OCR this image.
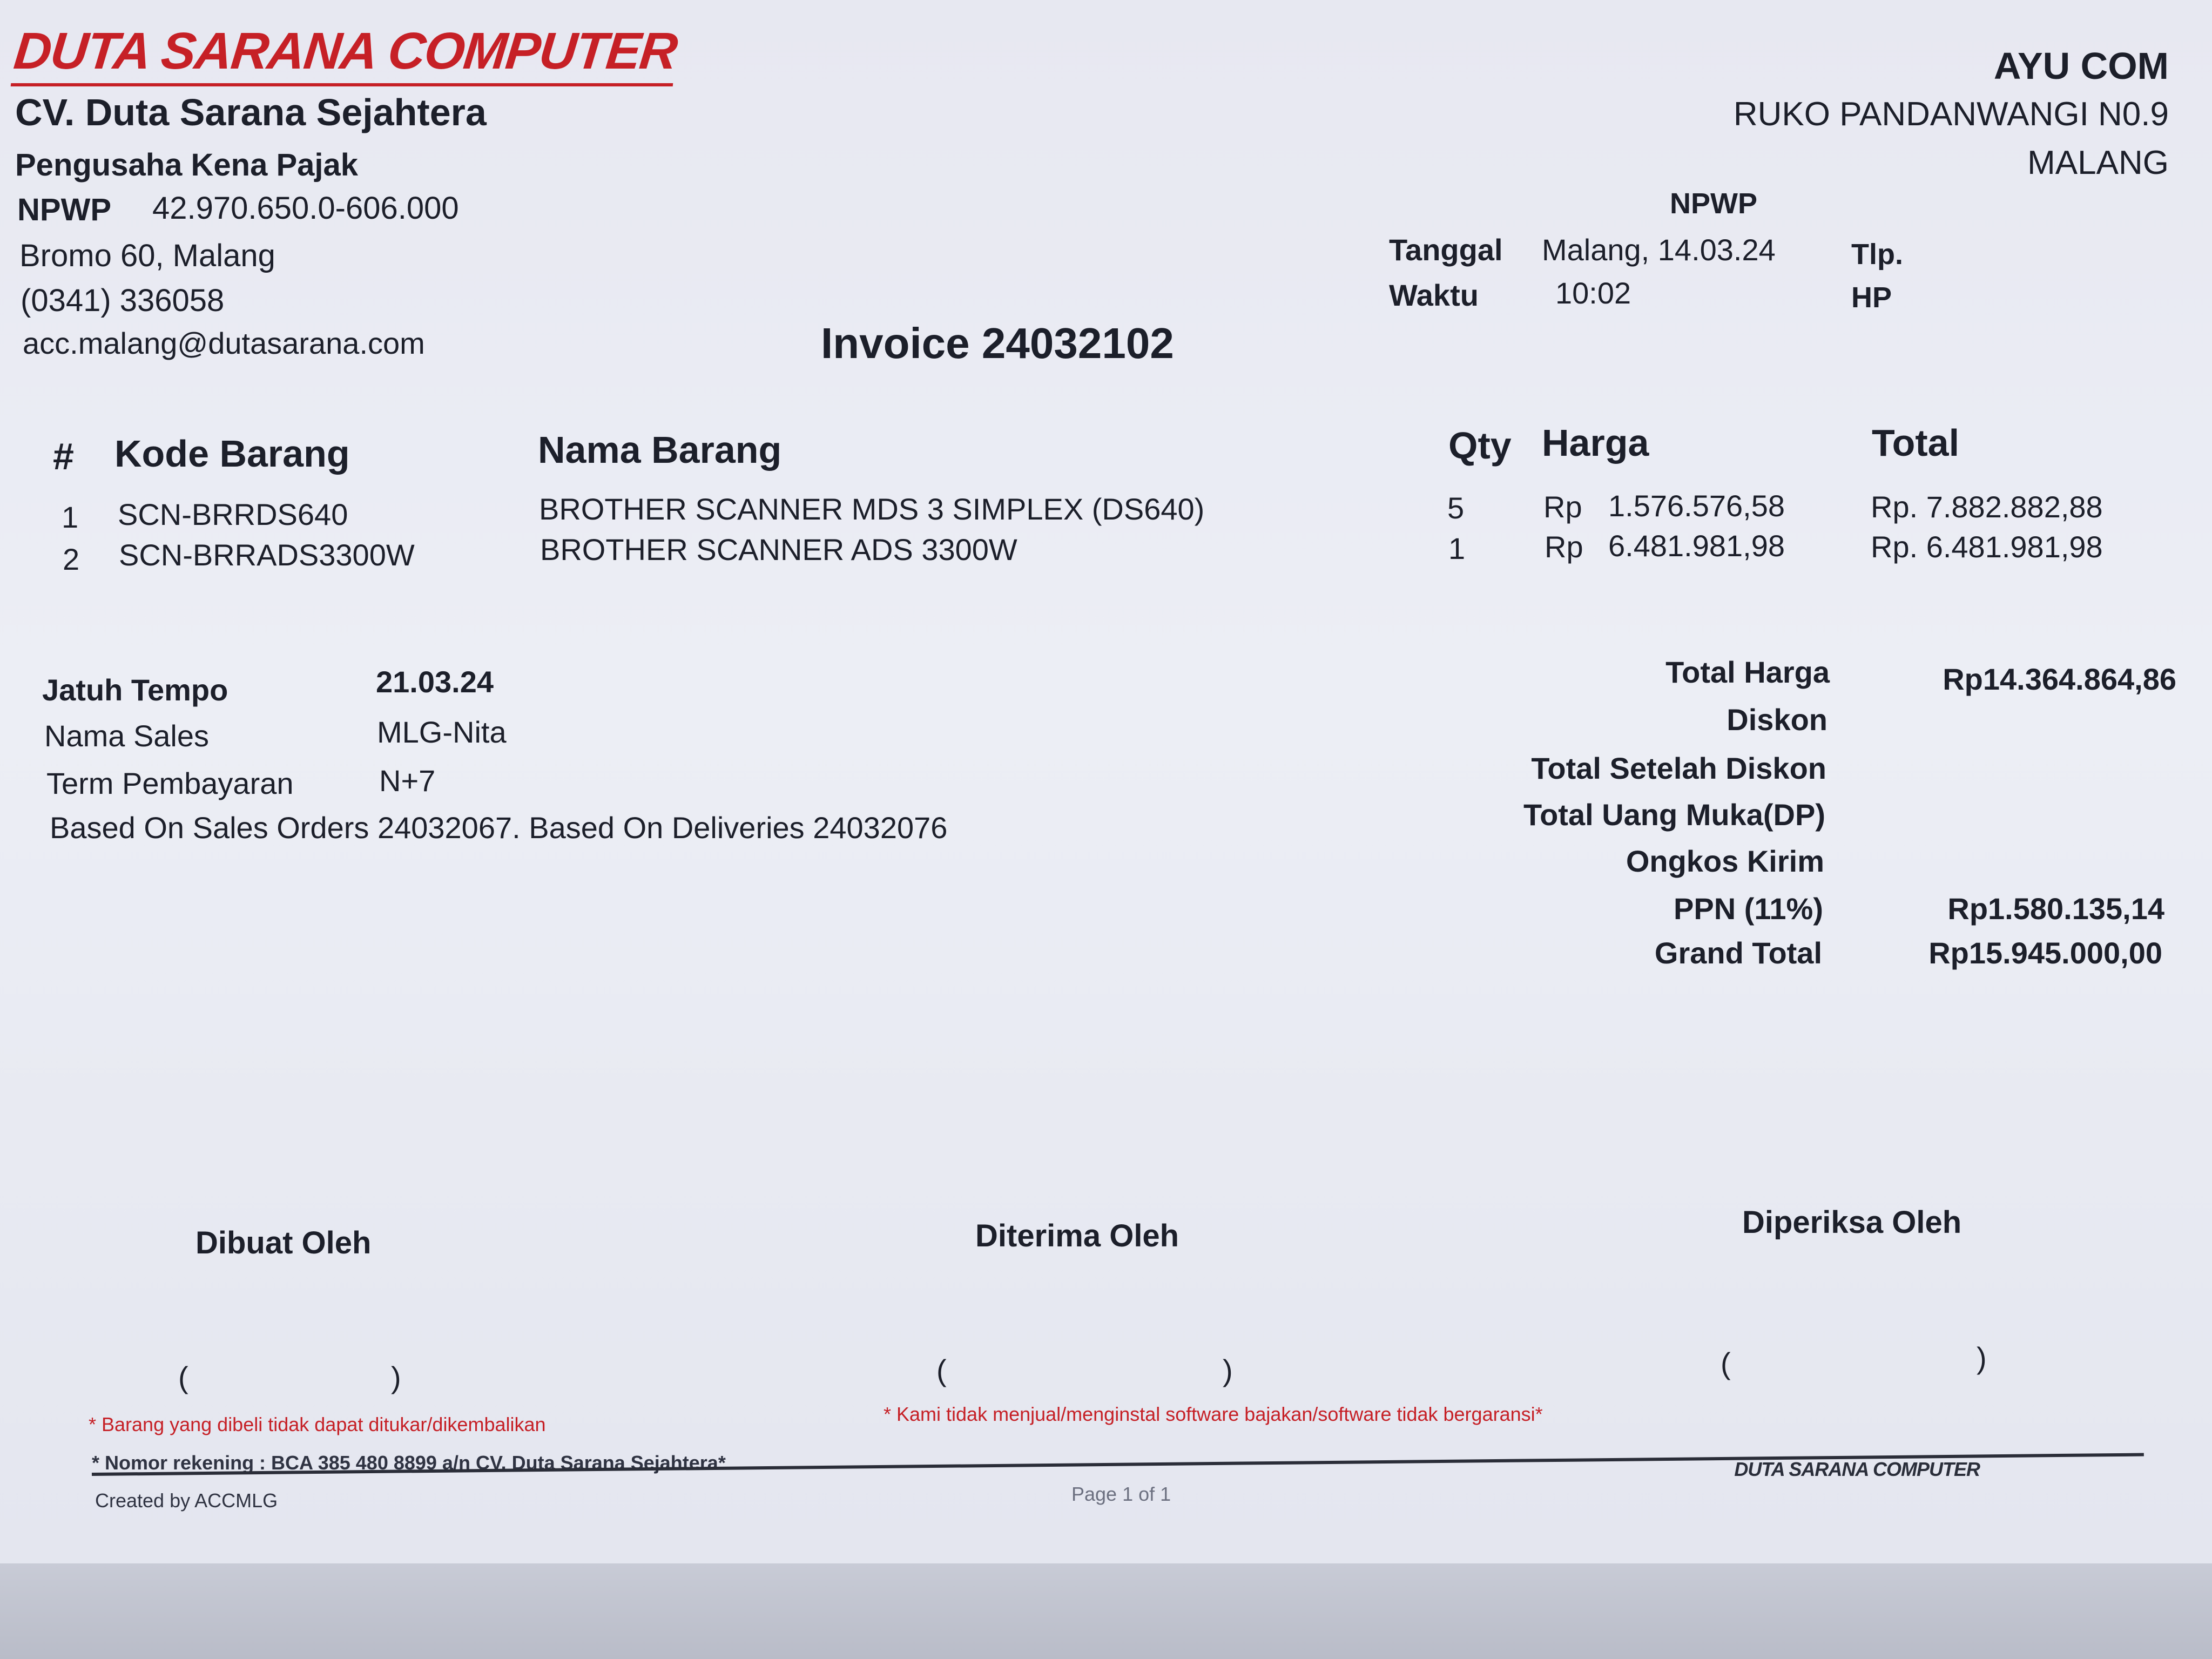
DUTA SARANA COMPUTER
CV. Duta Sarana Sejahtera
Pengusaha Kena Pajak
NPWP 42.970.650.0-606.000
Bromo 60, Malang
(0341) 336058
acc.malang@dutasarana.com
AYU COM
RUKO PANDANWANGI N0.9
MALANG
NPWP
Tanggal Malang, 14.03.24
Waktu	10:02
Tlp.
HP
Invoice 24032102
# Kode Barang	Nama Barang	Qty Harga	Total
1 SCN-BRRDS640	BROTHER SCANNER MDS 3 SIMPLEX (DS640)	5	Rp 1.576.576,58	Rp. 7.882.882,88
2 SCN-BRRADS3300W	BROTHER SCANNER ADS 3300W	1	Rp 6.481.981,98	Rp. 6.481.981,98
Jatuh Tempo	21.03.24
Nama Sales	MLG-Nita
Term Pembayaran	N+7
Based On Sales Orders 24032067. Based On Deliveries 24032076
Total Harga	Rp14.364.864,86
Diskon
Total Setelah Diskon
Total Uang Muka(DP)
Ongkos Kirim
PPN (11%)	Rp1.580.135,14
Grand Total	Rp15.945.000,00
Dibuat Oleh	Diterima Oleh	Diperiksa Oleh
(	)	(	)	(	)
* Barang yang dibeli tidak dapat ditukar/dikembalikan	* Kami tidak menjual/menginstal software bajakan/software tidak bergaransi*
* Nomor rekening : BCA 385 480 8899 a/n CV. Duta Sarana Sejahtera*
Created by ACCMLG	Page 1 of 1
DUTA SARANA COMPUTER
